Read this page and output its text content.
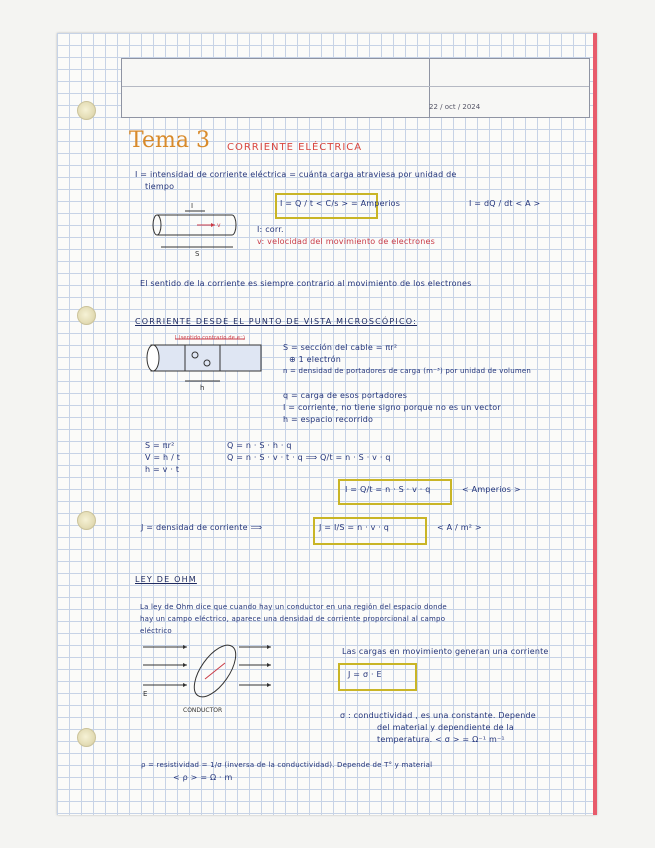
22 / oct / 2024
Tema 3 CORRIENTE ELÉCTRICA
I = intensidad de corriente eléctrica = cuánta carga atraviesa por unidad de
tiempo
I
v
S
I = Q / t < C/s > = Amperios	I = dQ / dt < A >
I: corr.
v: velocidad del movimiento de electrones
El sentido de la corriente es siempre contrario al movimiento de los electrones
CORRIENTE DESDE EL PUNTO DE VISTA MICROSCÓPICO:
h
I (sentido contrario de e⁻)
S = sección del cable = πr²
⊕ 1 electrón
n = densidad de portadores de carga (m⁻³) por unidad de volumen
q = carga de esos portadores
I = corriente, no tiene signo porque no es un vector
h = espacio recorrido
S = πr²
V = h / t
h = v · t
Q = n · S · h · q
Q = n · S · v · t · q ⟹ Q/t = n · S · v · q
I = Q/t = n · S · v · q	< Amperios >
J = densidad de corriente ⟹	J = I/S = n · v · q	< A / m² >
LEY DE OHM
La ley de Ohm dice que cuando hay un conductor en una región del espacio donde
hay un campo eléctrico, aparece una densidad de corriente proporcional al campo
eléctrico
E
CONDUCTOR
Las cargas en movimiento generan una corriente
J = σ · E
σ : conductividad , es una constante. Depende
del material y dependiente de la
temperatura. < σ > = Ω⁻¹ m⁻¹
ρ = resistividad = 1/σ (inversa de la conductividad). Depende de T° y material
< ρ > = Ω · m
